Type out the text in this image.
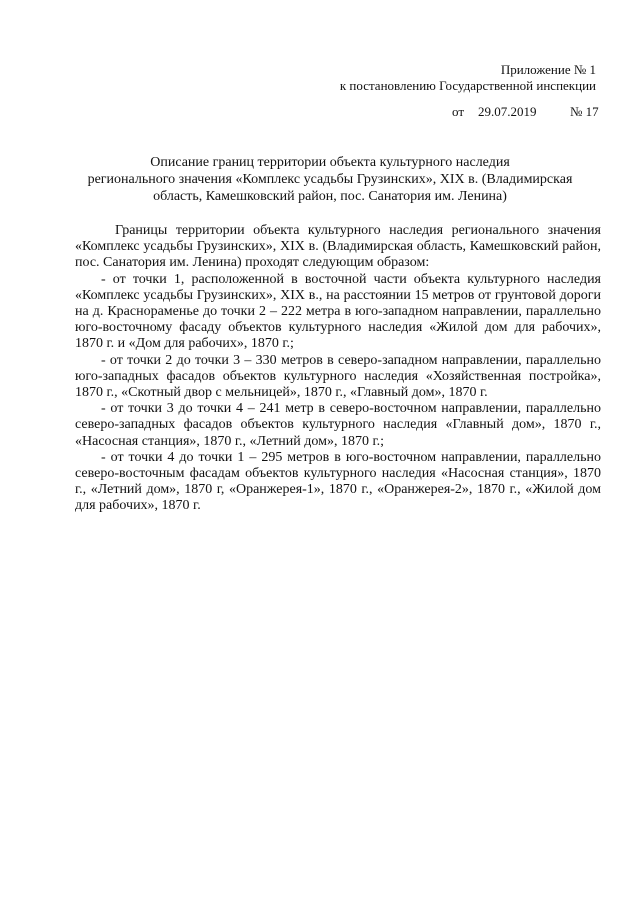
Приложение № 1
к постановлению Государственной инспекции
от 29.07.2019	№ 17
Описание границ территории объекта культурного наследия
регионального значения «Комплекс усадьбы Грузинских», XIX в. (Владимирская
область, Камешковский район, пос. Санатория им. Ленина)

Границы территории объекта культурного наследия регионального значения «Комплекс усадьбы Грузинских», XIX в. (Владимирская область, Камешковский район, пос. Санатория им. Ленина) проходят следующим образом:

- от точки 1, расположенной в восточной части объекта культурного наследия «Комплекс усадьбы Грузинских», XIX в., на расстоянии 15 метров от грунтовой дороги на д. Краснораменье до точки 2 – 222 метра в юго-западном направлении, параллельно юго-восточному фасаду объектов культурного наследия «Жилой дом для рабочих», 1870 г. и «Дом для рабочих», 1870 г.;

- от точки 2 до точки 3 – 330 метров в северо-западном направлении, параллельно юго-западных фасадов объектов культурного наследия «Хозяйственная постройка», 1870 г., «Скотный двор с мельницей», 1870 г., «Главный дом», 1870 г.

- от точки 3 до точки 4 – 241 метр в северо-восточном направлении, параллельно северо-западных фасадов объектов культурного наследия «Главный дом», 1870 г., «Насосная станция», 1870 г., «Летний дом», 1870 г.;

- от точки 4 до точки 1 – 295 метров в юго-восточном направлении, параллельно северо-восточным фасадам объектов культурного наследия «Насосная станция», 1870 г., «Летний дом», 1870 г, «Оранжерея-1», 1870 г., «Оранжерея-2», 1870 г., «Жилой дом для рабочих», 1870 г.
